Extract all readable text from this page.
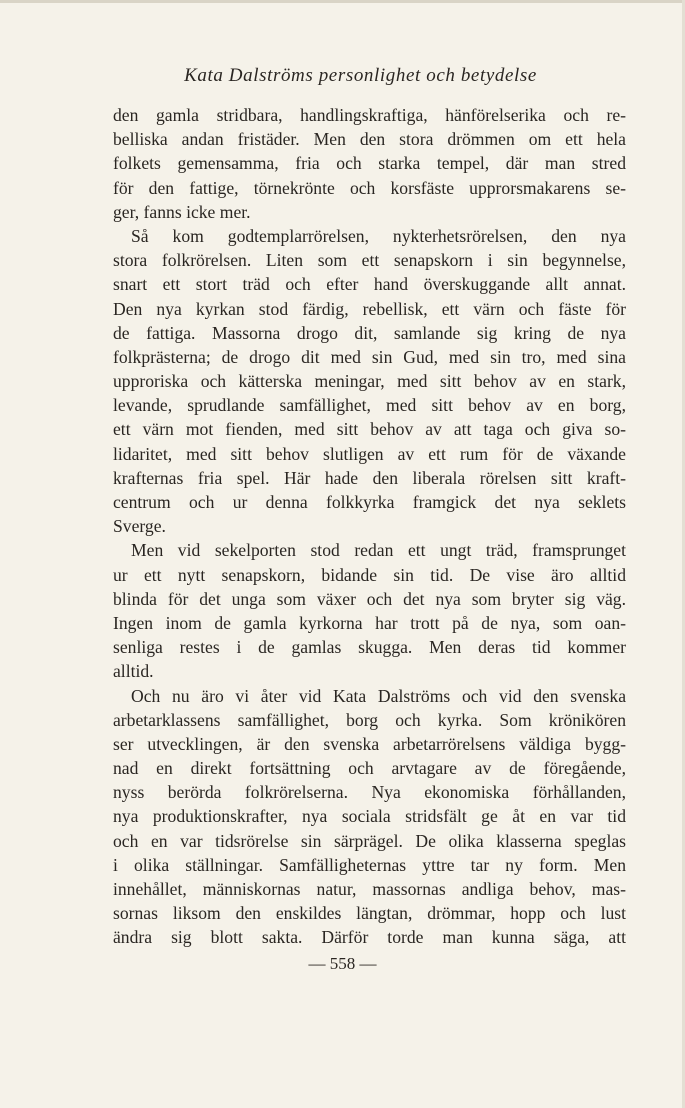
Kata Dalströms personlighet och betydelse
den gamla stridbara, handlingskraftiga, hänförelserika och re-
belliska andan fristäder. Men den stora drömmen om ett hela
folkets gemensamma, fria och starka tempel, där man stred
för den fattige, törnekrönte och korsfäste upprorsmakarens se-
ger, fanns icke mer.
Så kom godtemplarrörelsen, nykterhetsrörelsen, den nya
stora folkrörelsen. Liten som ett senapskorn i sin begynnelse,
snart ett stort träd och efter hand överskuggande allt annat.
Den nya kyrkan stod färdig, rebellisk, ett värn och fäste för
de fattiga. Massorna drogo dit, samlande sig kring de nya
folkprästerna; de drogo dit med sin Gud, med sin tro, med sina
upproriska och kätterska meningar, med sitt behov av en stark,
levande, sprudlande samfällighet, med sitt behov av en borg,
ett värn mot fienden, med sitt behov av att taga och giva so-
lidaritet, med sitt behov slutligen av ett rum för de växande
krafternas fria spel. Här hade den liberala rörelsen sitt kraft-
centrum och ur denna folkkyrka framgick det nya seklets
Sverge.
Men vid sekelporten stod redan ett ungt träd, framsprunget
ur ett nytt senapskorn, bidande sin tid. De vise äro alltid
blinda för det unga som växer och det nya som bryter sig väg.
Ingen inom de gamla kyrkorna har trott på de nya, som oan-
senliga restes i de gamlas skugga. Men deras tid kommer
alltid.
Och nu äro vi åter vid Kata Dalströms och vid den svenska
arbetarklassens samfällighet, borg och kyrka. Som krönikören
ser utvecklingen, är den svenska arbetarrörelsens väldiga bygg-
nad en direkt fortsättning och arvtagare av de föregående,
nyss berörda folkrörelserna. Nya ekonomiska förhållanden,
nya produktionskrafter, nya sociala stridsfält ge åt en var tid
och en var tidsrörelse sin särprägel. De olika klasserna speglas
i olika ställningar. Samfälligheternas yttre tar ny form. Men
innehållet, människornas natur, massornas andliga behov, mas-
sornas liksom den enskildes längtan, drömmar, hopp och lust
ändra sig blott sakta. Därför torde man kunna säga, att
— 558 —
